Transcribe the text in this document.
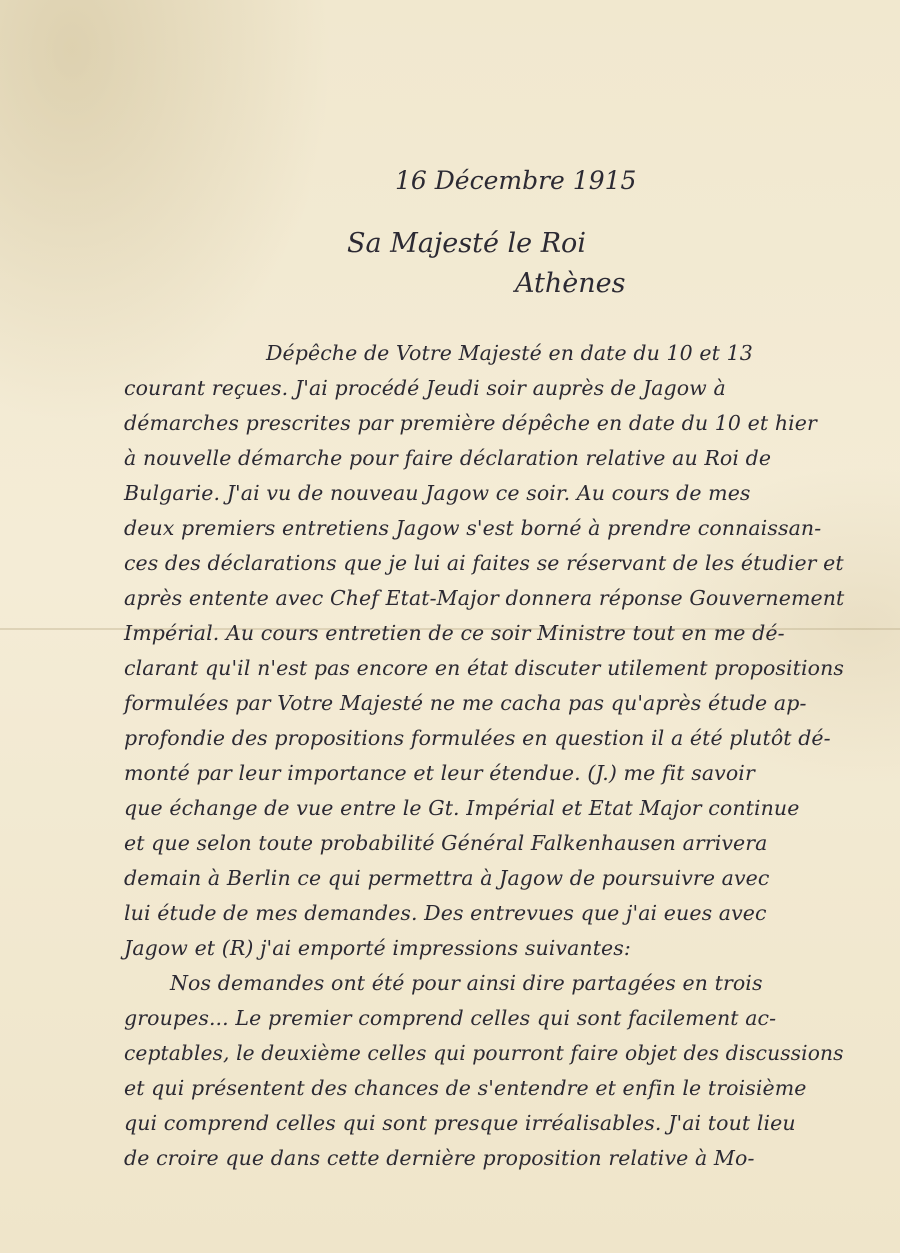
16 Décembre 1915
Sa Majesté le Roi
Athènes
Dépêche de Votre Majesté en date du 10 et 13
courant reçues. J'ai procédé Jeudi soir auprès de Jagow à
démarches prescrites par première dépêche en date du 10 et hier
à nouvelle démarche pour faire déclaration relative au Roi de
Bulgarie. J'ai vu de nouveau Jagow ce soir. Au cours de mes
deux premiers entretiens Jagow s'est borné à prendre connaissan-
ces des déclarations que je lui ai faites se réservant de les étudier et
après entente avec Chef Etat-Major donnera réponse Gouvernement
Impérial. Au cours entretien de ce soir Ministre tout en me dé-
clarant qu'il n'est pas encore en état discuter utilement propositions
formulées par Votre Majesté ne me cacha pas qu'après étude ap-
profondie des propositions formulées en question il a été plutôt dé-
monté par leur importance et leur étendue. (J.) me fit savoir
que échange de vue entre le Gt. Impérial et Etat Major continue
et que selon toute probabilité Général Falkenhausen arrivera
demain à Berlin ce qui permettra à Jagow de poursuivre avec
lui étude de mes demandes. Des entrevues que j'ai eues avec
Jagow et (R) j'ai emporté impressions suivantes:
Nos demandes ont été pour ainsi dire partagées en trois
groupes... Le premier comprend celles qui sont facilement ac-
ceptables, le deuxième celles qui pourront faire objet des discussions
et qui présentent des chances de s'entendre et enfin le troisième
qui comprend celles qui sont presque irréalisables. J'ai tout lieu
de croire que dans cette dernière proposition relative à Mo-
